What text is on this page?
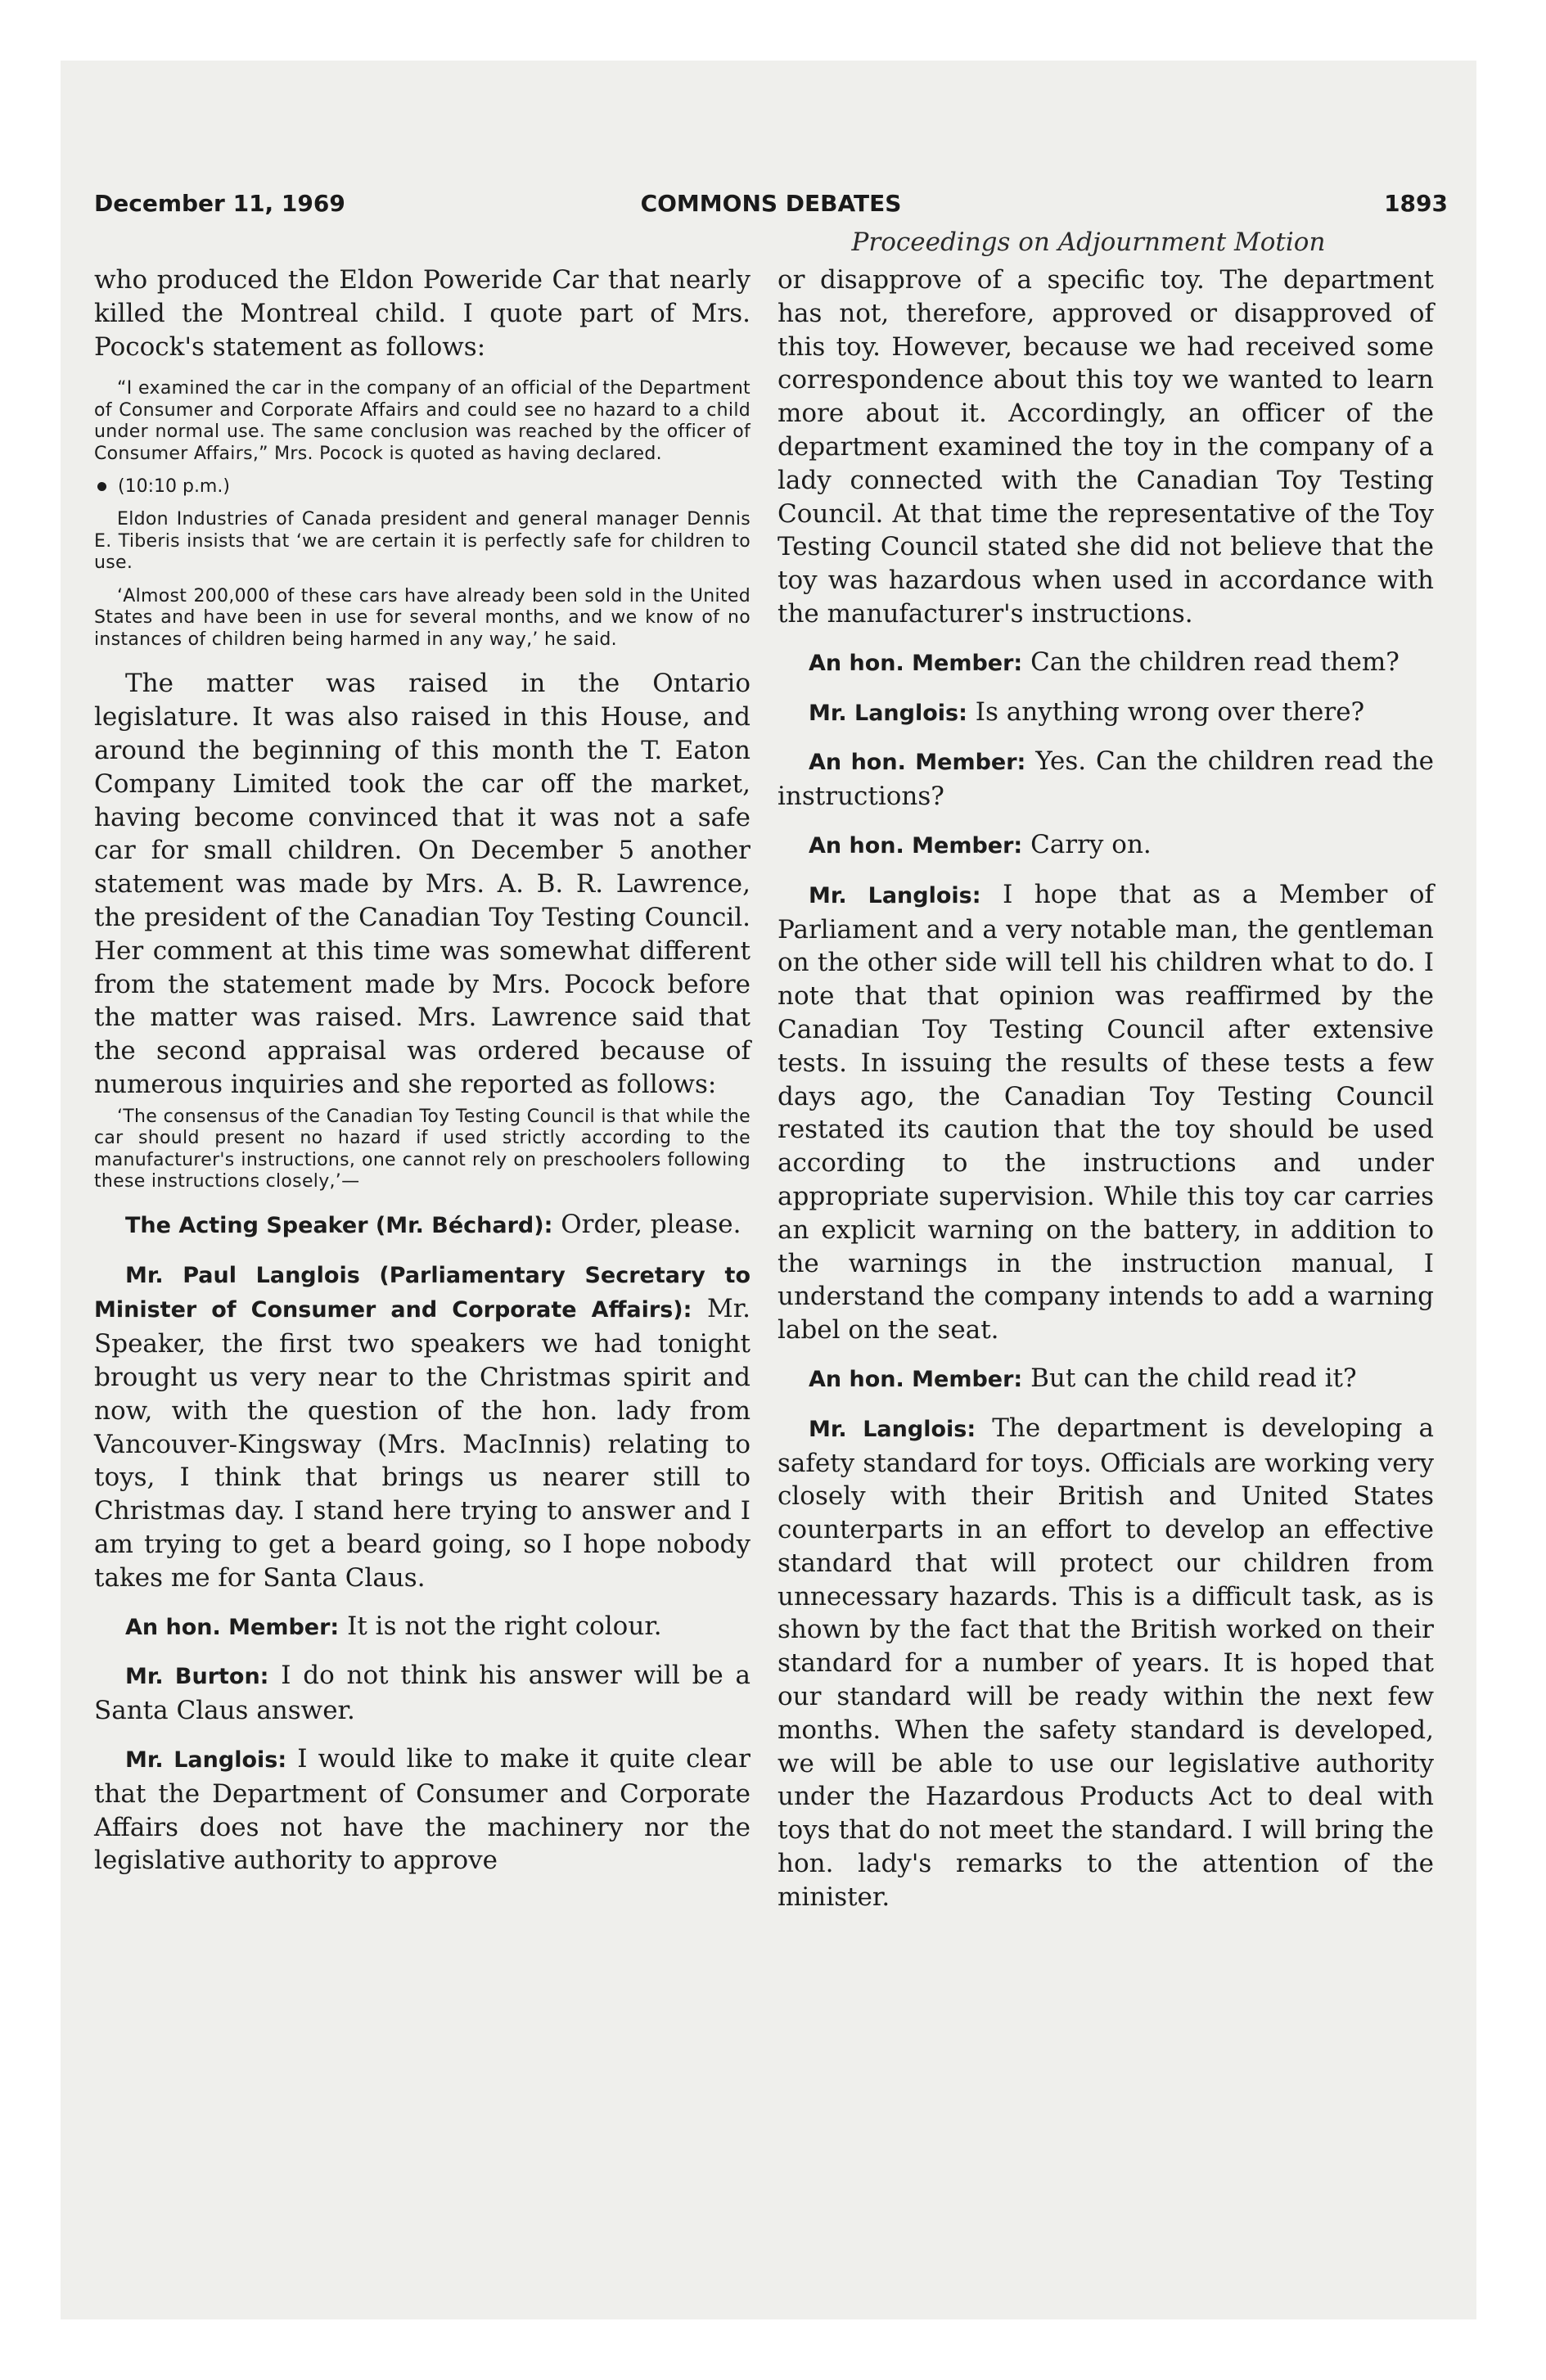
December 11, 1969	COMMONS DEBATES	1893
Proceedings on Adjournment Motion

who produced the Eldon Poweride Car that nearly killed the Montreal child. I quote part of Mrs. Pocock's statement as follows:

“I examined the car in the company of an official of the Department of Consumer and Corporate Affairs and could see no hazard to a child under normal use. The same conclusion was reached by the officer of Consumer Affairs,” Mrs. Pocock is quoted as having declared.

(10:10 p.m.)

Eldon Industries of Canada president and general manager Dennis E. Tiberis insists that ‘we are certain it is perfectly safe for children to use.

‘Almost 200,000 of these cars have already been sold in the United States and have been in use for several months, and we know of no instances of children being harmed in any way,’ he said.

The matter was raised in the Ontario legislature. It was also raised in this House, and around the beginning of this month the T. Eaton Company Limited took the car off the market, having become convinced that it was not a safe car for small children. On December 5 another statement was made by Mrs. A. B. R. Lawrence, the president of the Canadian Toy Testing Council. Her comment at this time was somewhat different from the statement made by Mrs. Pocock before the matter was raised. Mrs. Lawrence said that the second appraisal was ordered because of numerous inquiries and she reported as follows:

‘The consensus of the Canadian Toy Testing Council is that while the car should present no hazard if used strictly according to the manufacturer's instructions, one cannot rely on preschoolers following these instructions closely,’—

The Acting Speaker (Mr. Béchard): Order, please.

Mr. Paul Langlois (Parliamentary Secretary to Minister of Consumer and Corporate Affairs): Mr. Speaker, the first two speakers we had tonight brought us very near to the Christmas spirit and now, with the question of the hon. lady from Vancouver-Kingsway (Mrs. MacInnis) relating to toys, I think that brings us nearer still to Christmas day. I stand here trying to answer and I am trying to get a beard going, so I hope nobody takes me for Santa Claus.

An hon. Member: It is not the right colour.

Mr. Burton: I do not think his answer will be a Santa Claus answer.

Mr. Langlois: I would like to make it quite clear that the Department of Consumer and Corporate Affairs does not have the machinery nor the legislative authority to approve

or disapprove of a specific toy. The department has not, therefore, approved or disapproved of this toy. However, because we had received some correspondence about this toy we wanted to learn more about it. Accordingly, an officer of the department examined the toy in the company of a lady connected with the Canadian Toy Testing Council. At that time the representative of the Toy Testing Council stated she did not believe that the toy was hazardous when used in accordance with the manufacturer's instructions.

An hon. Member: Can the children read them?

Mr. Langlois: Is anything wrong over there?

An hon. Member: Yes. Can the children read the instructions?

An hon. Member: Carry on.

Mr. Langlois: I hope that as a Member of Parliament and a very notable man, the gentleman on the other side will tell his children what to do. I note that that opinion was reaffirmed by the Canadian Toy Testing Council after extensive tests. In issuing the results of these tests a few days ago, the Canadian Toy Testing Council restated its caution that the toy should be used according to the instructions and under appropriate supervision. While this toy car carries an explicit warning on the battery, in addition to the warnings in the instruction manual, I understand the company intends to add a warning label on the seat.

An hon. Member: But can the child read it?

Mr. Langlois: The department is developing a safety standard for toys. Officials are working very closely with their British and United States counterparts in an effort to develop an effective standard that will protect our children from unnecessary hazards. This is a difficult task, as is shown by the fact that the British worked on their standard for a number of years. It is hoped that our standard will be ready within the next few months. When the safety standard is developed, we will be able to use our legislative authority under the Hazardous Products Act to deal with toys that do not meet the standard. I will bring the hon. lady's remarks to the attention of the minister.
